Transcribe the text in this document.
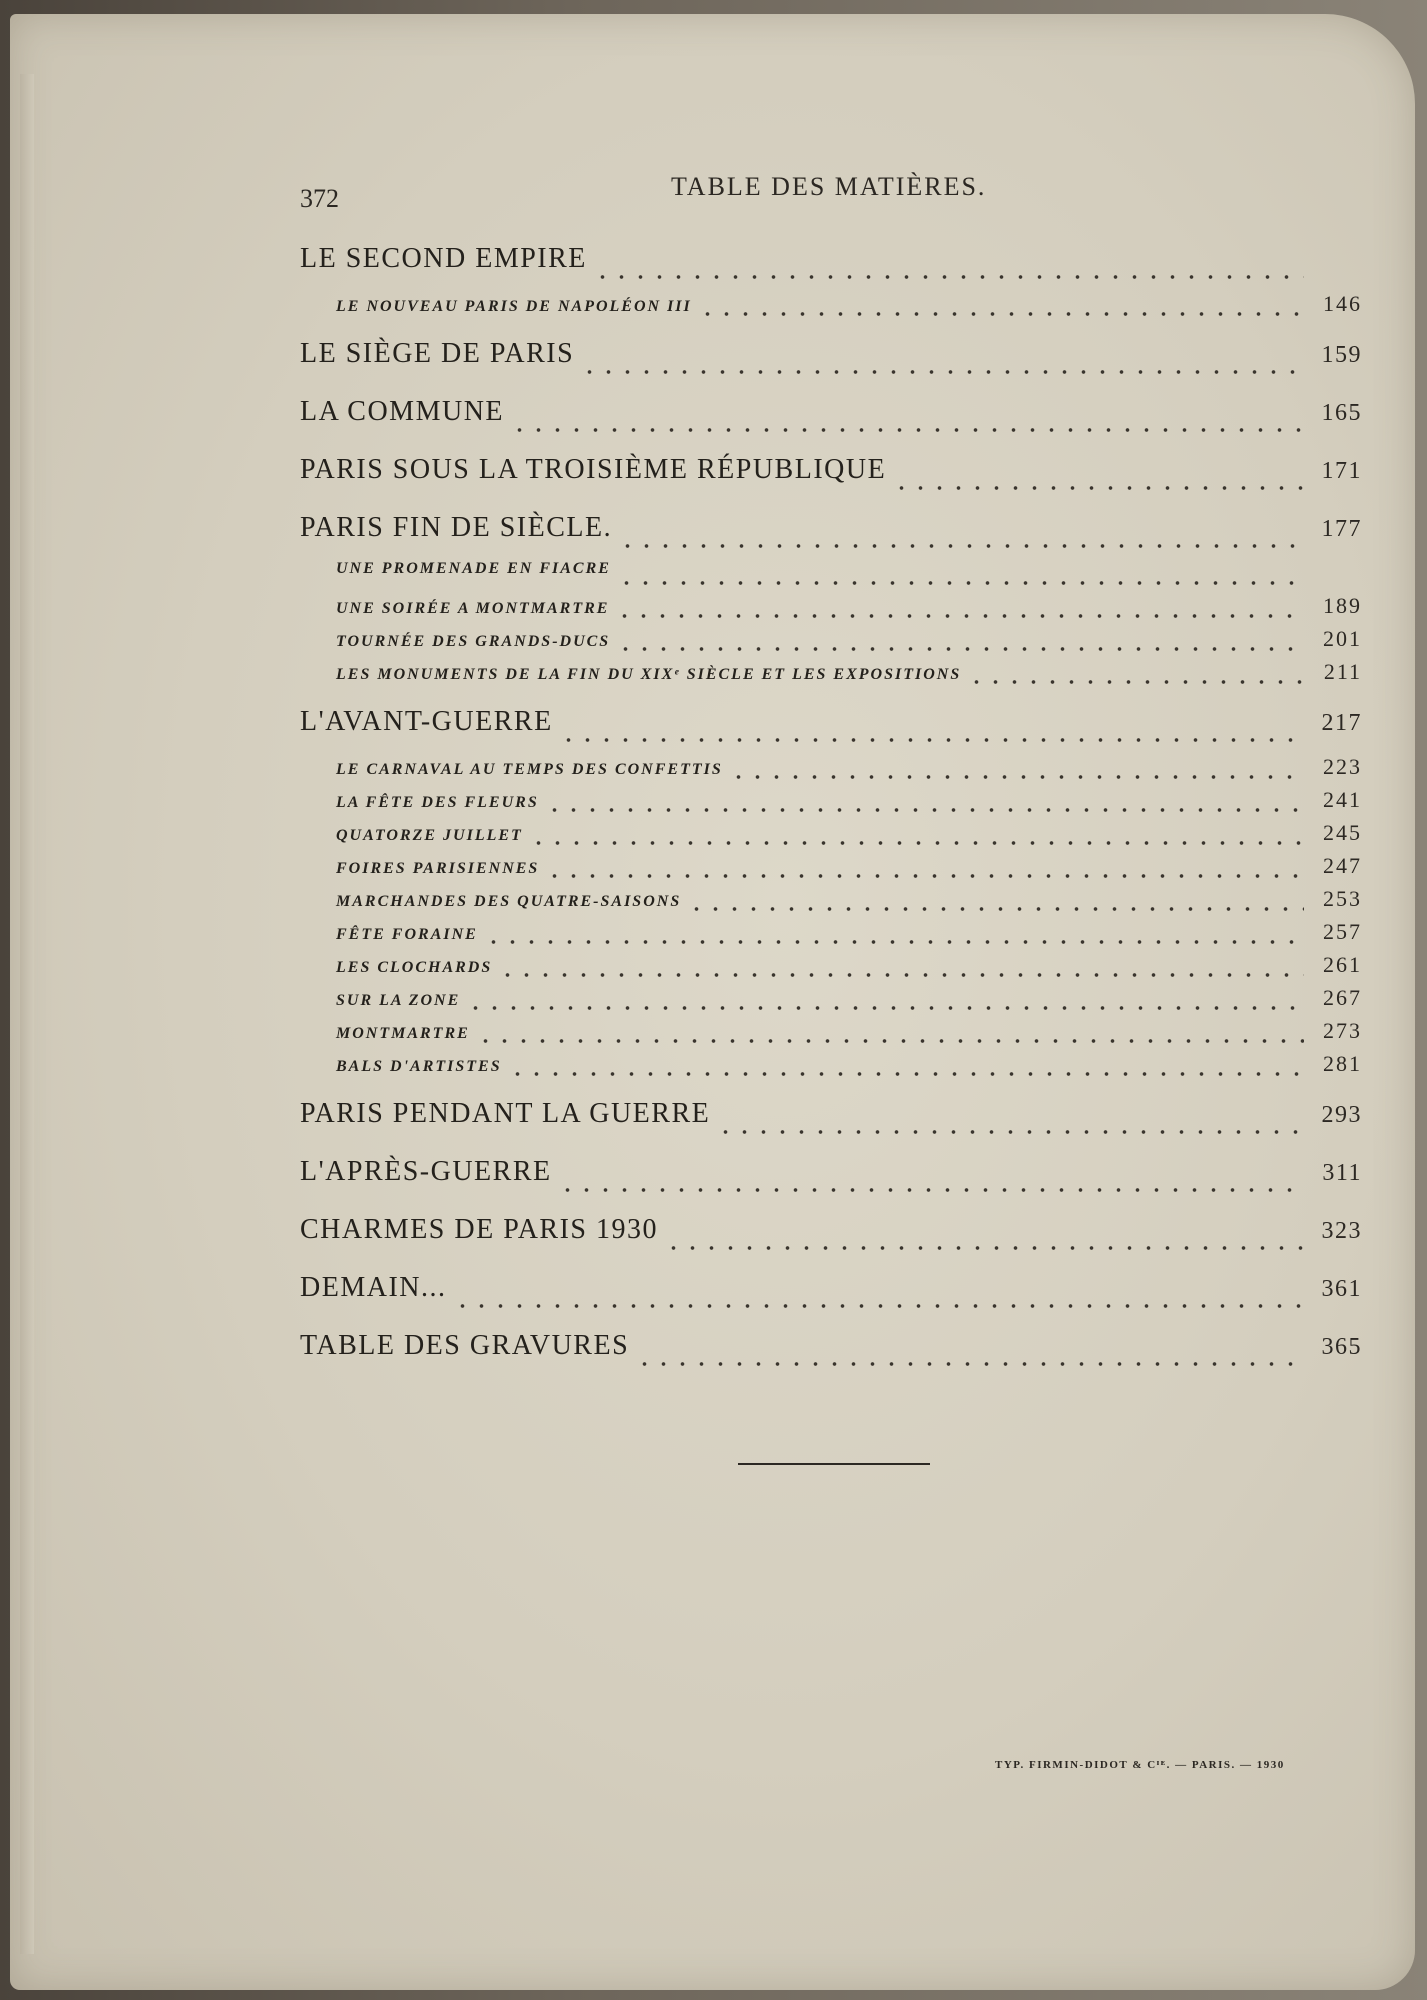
372	TABLE DES MATIÈRES.
LE SECOND EMPIRE
LE NOUVEAU PARIS DE NAPOLÉON III	146
LE SIÈGE DE PARIS	159
LA COMMUNE	165
PARIS SOUS LA TROISIÈME RÉPUBLIQUE	171
PARIS FIN DE SIÈCLE.	177
UNE PROMENADE EN FIACRE
UNE SOIRÉE A MONTMARTRE	189
TOURNÉE DES GRANDS-DUCS	201
LES MONUMENTS DE LA FIN DU XIXᵉ SIÈCLE ET LES EXPOSITIONS	211
L'AVANT-GUERRE	217
LE CARNAVAL AU TEMPS DES CONFETTIS	223
LA FÊTE DES FLEURS	241
QUATORZE JUILLET	245
FOIRES PARISIENNES	247
MARCHANDES DES QUATRE-SAISONS	253
FÊTE FORAINE	257
LES CLOCHARDS	261
SUR LA ZONE	267
MONTMARTRE	273
BALS D'ARTISTES	281
PARIS PENDANT LA GUERRE	293
L'APRÈS-GUERRE	311
CHARMES DE PARIS 1930	323
DEMAIN...	361
TABLE DES GRAVURES	365
TYP. FIRMIN-DIDOT & Cᴵᴱ. — PARIS. — 1930
